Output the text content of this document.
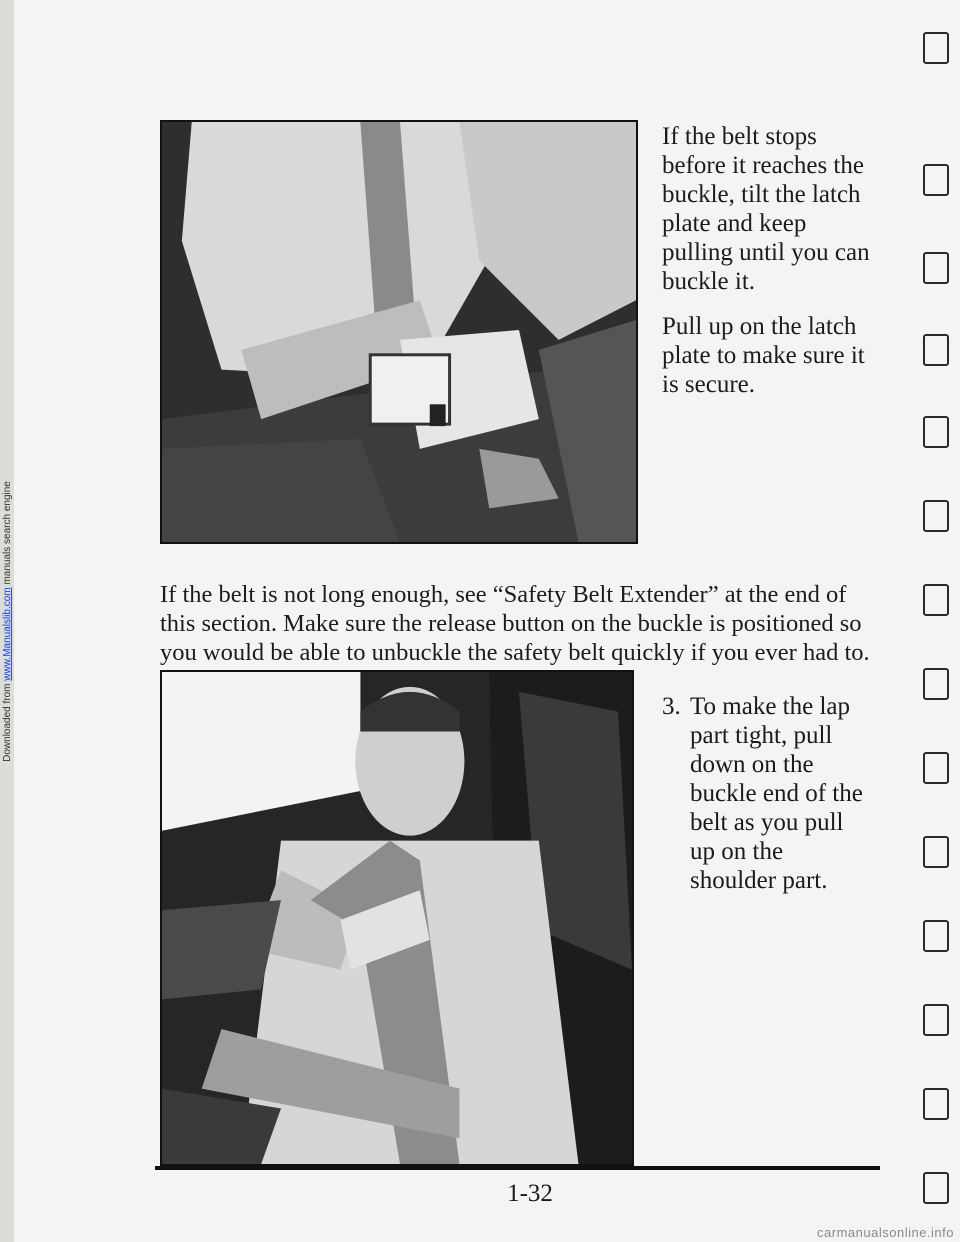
Downloaded from www.Manualslib.com manuals search engine
If the belt stops before it reaches the buckle, tilt the latch plate and keep pulling until you can buckle it.
Pull up on the latch plate to make sure it is secure.
If the belt is not long enough, see “Safety Belt Extender” at the end of this section. Make sure the release button on the buckle is positioned so you would be able to unbuckle the safety belt quickly if you ever had to.
3. To make the lap part tight, pull down on the buckle end of the belt as you pull up on the shoulder part.
1-32
carmanualsonline.info
